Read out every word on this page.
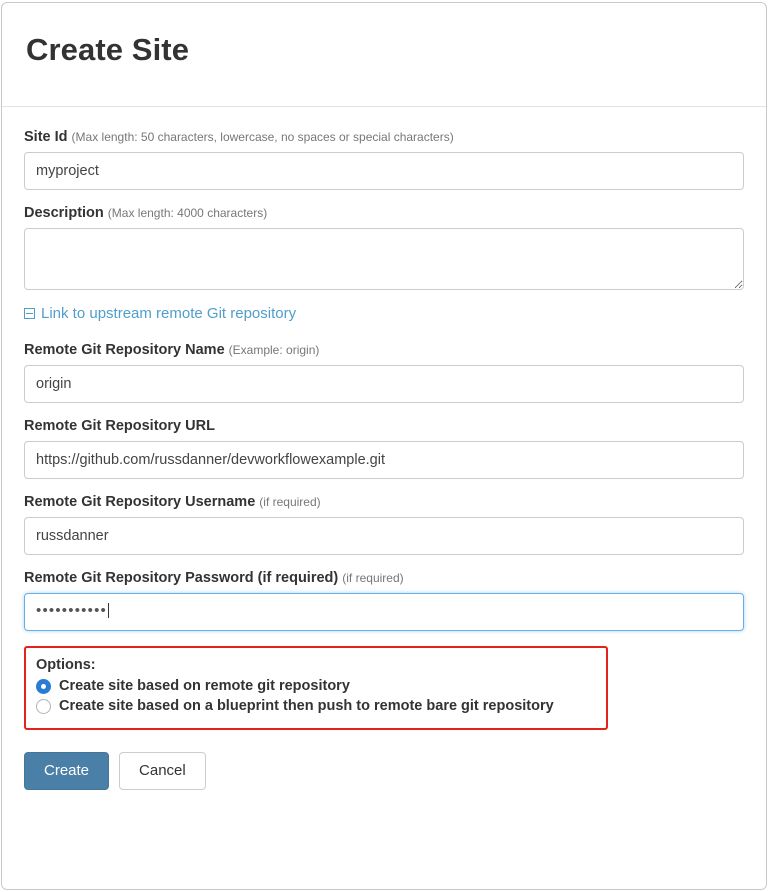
Create Site
Site Id (Max length: 50 characters, lowercase, no spaces or special characters)
myproject
Description (Max length: 4000 characters)
Link to upstream remote Git repository
Remote Git Repository Name (Example: origin)
origin
Remote Git Repository URL
https://github.com/russdanner/devworkflowexample.git
Remote Git Repository Username (if required)
russdanner
Remote Git Repository Password (if required) (if required)
•••••••••••
Options:
Create site based on remote git repository
Create site based on a blueprint then push to remote bare git repository
Create	Cancel
